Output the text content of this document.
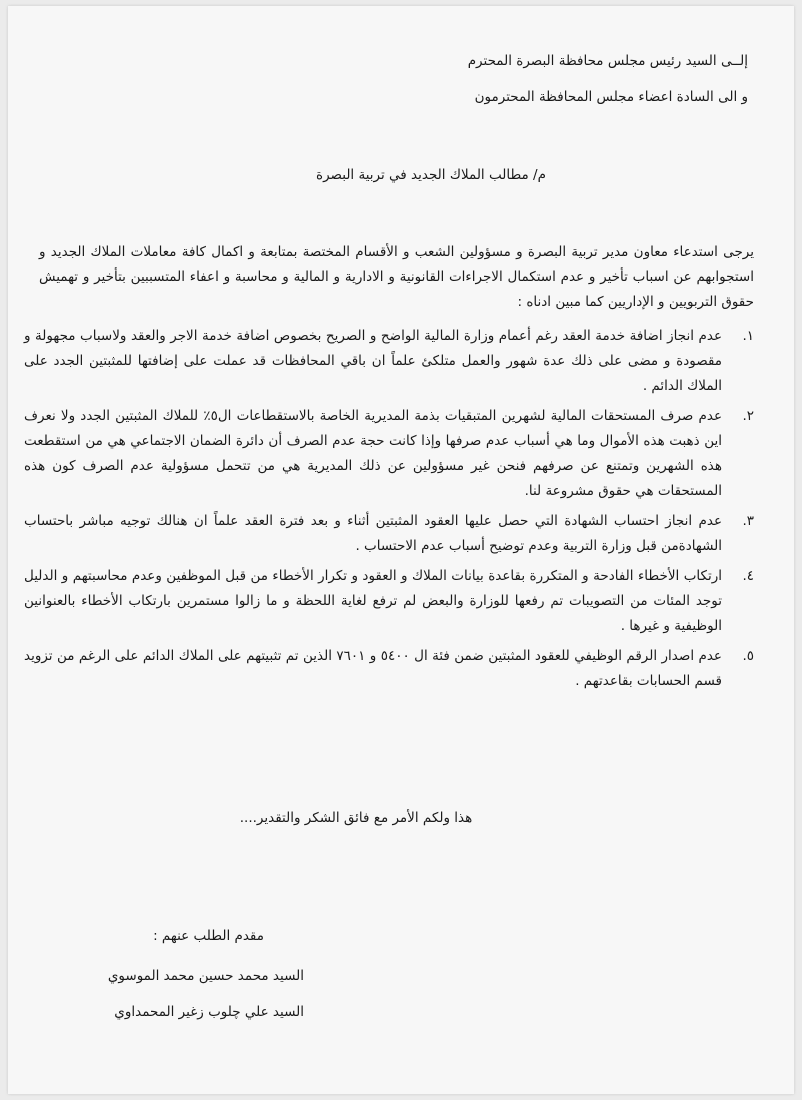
إلــى السيد رئيس مجلس محافظة البصرة المحترم
و الى السادة اعضاء مجلس المحافظة المحترمون
م/ مطالب الملاك الجديد في تربية البصرة

يرجى استدعاء معاون مدير تربية البصرة و مسؤولين الشعب و الأقسام المختصة بمتابعة و اكمال كافة معاملات الملاك الجديد و استجوابهم عن اسباب تأخير و عدم استكمال الاجراءات القانونية و الادارية و المالية و محاسبة و اعفاء المتسببين بتأخير و تهميش حقوق التربويين و الإداريين كما مبين ادناه :

١.
عدم انجاز اضافة خدمة العقد رغم أعمام وزارة المالية الواضح و الصريح بخصوص اضافة خدمة الاجر والعقد ولاسباب مجهولة و مقصودة و مضى على ذلك عدة شهور والعمل متلكئ علماً ان باقي المحافظات قد عملت على إضافتها للمثبتين الجدد على الملاك الدائم .
٢.
عدم صرف المستحقات المالية لشهرين المتبقيات بذمة المديرية الخاصة بالاستقطاعات ال٥٪ للملاك المثبتين الجدد ولا نعرف اين ذهبت هذه الأموال وما هي أسباب عدم صرفها وإذا كانت حجة عدم الصرف أن دائرة الضمان الاجتماعي هي من استقطعت هذه الشهرين وتمتنع عن صرفهم فنحن غير مسؤولين عن ذلك المديرية هي من تتحمل مسؤولية عدم الصرف كون هذه المستحقات هي حقوق مشروعة لنا.
٣.
عدم انجاز احتساب الشهادة التي حصل عليها العقود المثبتين أثناء و بعد فترة العقد علماً ان هنالك توجيه مباشر باحتساب الشهادةمن قبل وزارة التربية وعدم توضيح أسباب عدم الاحتساب .
٤.
ارتكاب الأخطاء الفادحة و المتكررة بقاعدة بيانات الملاك و العقود و تكرار الأخطاء من قبل الموظفين وعدم محاسبتهم و الدليل توجد المئات من التصويبات تم رفعها للوزارة والبعض لم ترفع لغاية اللحظة و ما زالوا مستمرين بارتكاب الأخطاء بالعنوانين الوظيفية و غيرها .
٥.
عدم اصدار الرقم الوظيفي للعقود المثبتين ضمن فئة ال ٥٤٠٠ و ٧٦٠١ الذين تم تثبيتهم على الملاك الدائم على الرغم من تزويد قسم الحسابات بقاعدتهم .
هذا ولكم الأمر مع فائق الشكر والتقدير....
مقدم الطلب عنهم :
السيد محمد حسين محمد الموسوي
السيد علي چلوب زغير المحمداوي
